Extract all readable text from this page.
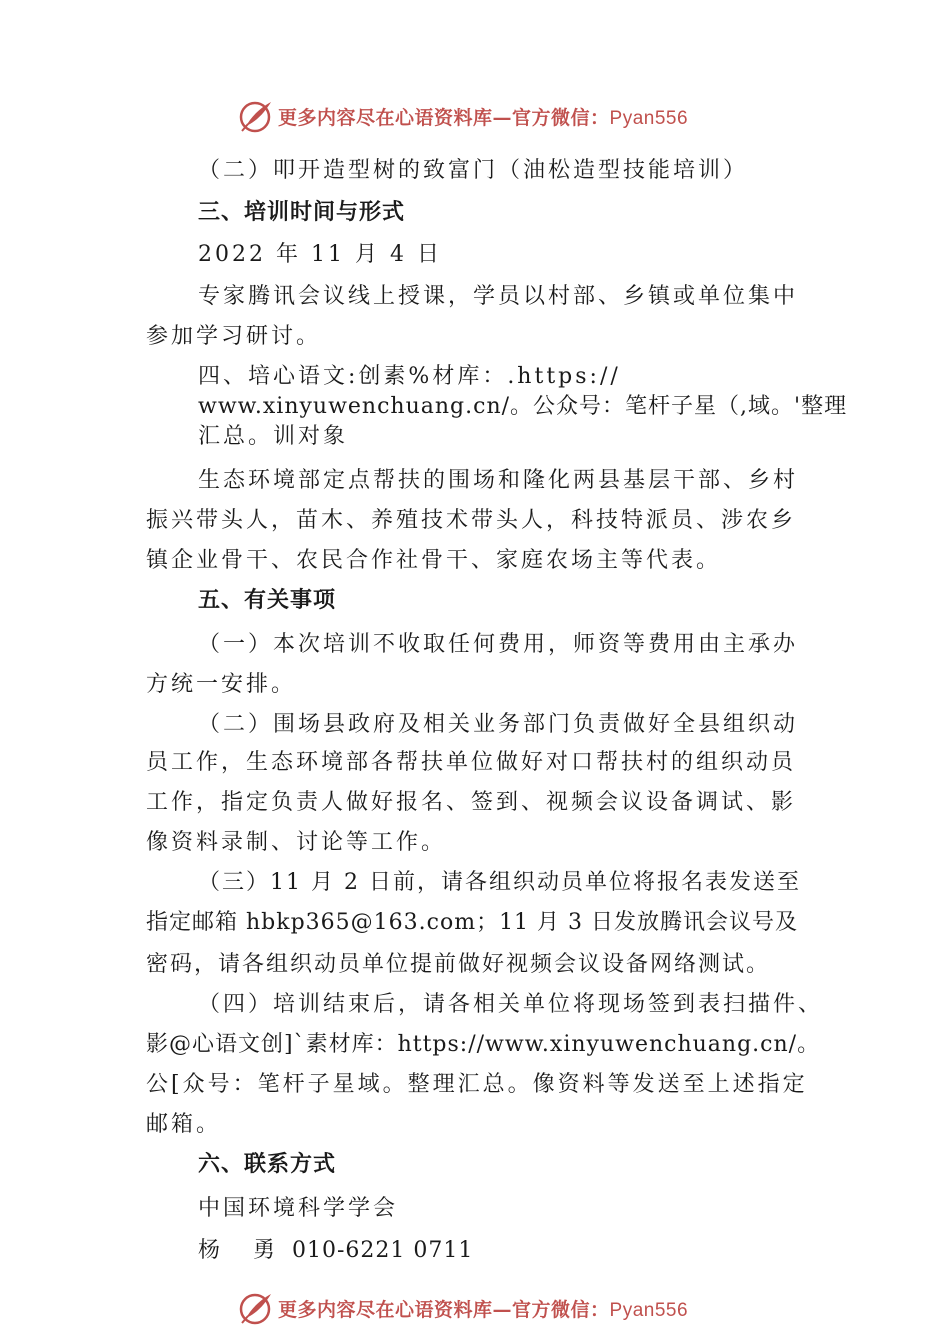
更多内容尽在心语资料库—官方微信：Pyan556
（二）叩开造型树的致富门（油松造型技能培训）
三、培训时间与形式
2022 年 11 月 4 日
专家腾讯会议线上授课，学员以村部、乡镇或单位集中
参加学习研讨。
四、培心语文:创素%材库：.https://
www.xinyuwenchuang.cn/。公众号：笔杆子星（,域。'整理
汇总。训对象
生态环境部定点帮扶的围场和隆化两县基层干部、乡村
振兴带头人，苗木、养殖技术带头人，科技特派员、涉农乡
镇企业骨干、农民合作社骨干、家庭农场主等代表。
五、有关事项
（一）本次培训不收取任何费用，师资等费用由主承办
方统一安排。
（二）围场县政府及相关业务部门负责做好全县组织动
员工作，生态环境部各帮扶单位做好对口帮扶村的组织动员
工作，指定负责人做好报名、签到、视频会议设备调试、影
像资料录制、讨论等工作。
（三）11 月 2 日前，请各组织动员单位将报名表发送至
指定邮箱 hbkp365@163.com；11 月 3 日发放腾讯会议号及
密码，请各组织动员单位提前做好视频会议设备网络测试。
（四）培训结束后，请各相关单位将现场签到表扫描件、
影@心语文创]`素材库：https://www.xinyuwenchuang.cn/。
公[众号：笔杆子星域。整理汇总。像资料等发送至上述指定
邮箱。
六、联系方式
中国环境科学学会
杨    勇  010-6221 0711
更多内容尽在心语资料库—官方微信：Pyan556
